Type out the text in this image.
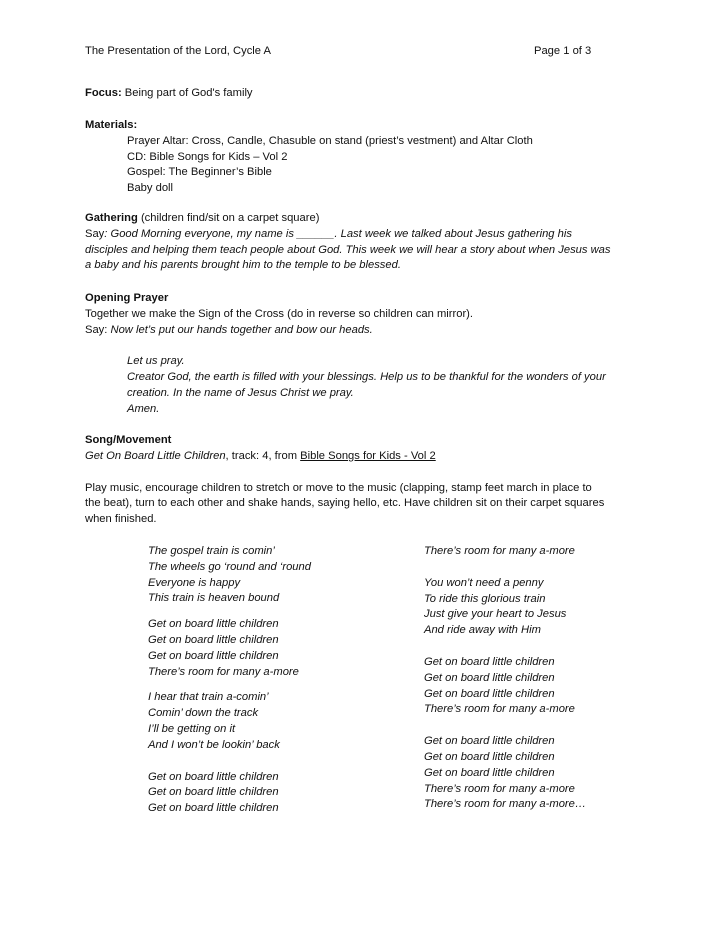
The Presentation of the Lord, Cycle A	Page 1 of 3
Focus: Being part of God's family
Materials:
Prayer Altar: Cross, Candle, Chasuble on stand (priest’s vestment) and Altar Cloth
CD: Bible Songs for Kids – Vol 2
Gospel: The Beginner’s Bible
Baby doll
Gathering (children find/sit on a carpet square)
Say: Good Morning everyone, my name is ______. Last week we talked about Jesus gathering his
disciples and helping them teach people about God. This week we will hear a story about when Jesus was
a baby and his parents brought him to the temple to be blessed.
Opening Prayer
Together we make the Sign of the Cross (do in reverse so children can mirror).
Say: Now let’s put our hands together and bow our heads.
Let us pray.
Creator God, the earth is filled with your blessings. Help us to be thankful for the wonders of your
creation. In the name of Jesus Christ we pray.
Amen.
Song/Movement
Get On Board Little Children, track: 4, from Bible Songs for Kids - Vol 2
Play music, encourage children to stretch or move to the music (clapping, stamp feet march in place to
the beat), turn to each other and shake hands, saying hello, etc. Have children sit on their carpet squares
when finished.
The gospel train is comin’
The wheels go ‘round and ‘round
Everyone is happy
This train is heaven bound
Get on board little children
Get on board little children
Get on board little children
There’s room for many a-more
I hear that train a-comin’
Comin’ down the track
I’ll be getting on it
And I won’t be lookin’ back
Get on board little children
Get on board little children
Get on board little children
There’s room for many a-more
You won’t need a penny
To ride this glorious train
Just give your heart to Jesus
And ride away with Him
Get on board little children
Get on board little children
Get on board little children
There’s room for many a-more
Get on board little children
Get on board little children
Get on board little children
There’s room for many a-more
There’s room for many a-more…
